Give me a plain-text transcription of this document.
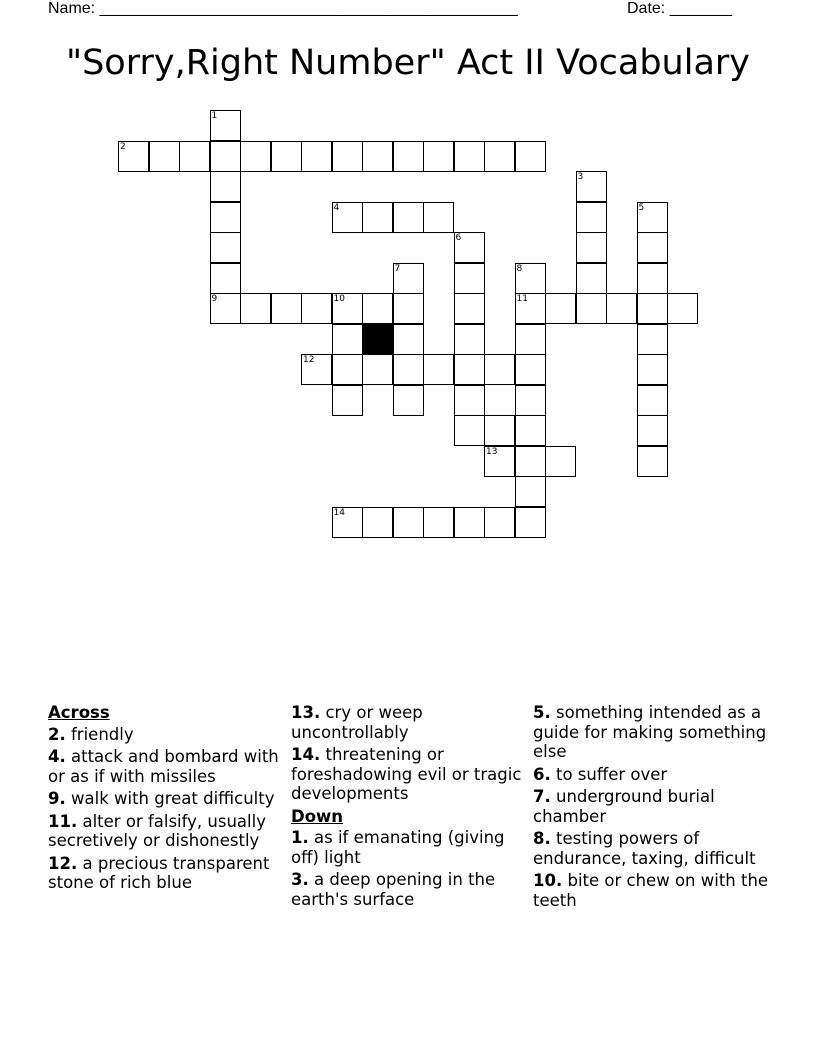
Name: _______________________________________________	Date: _______
"Sorry,Right Number" Act II Vocabulary
1
2
3
4	5
6
7	8
9	10	11
12
13
14
Across
2. friendly
4. attack and bombard with or as if with missiles
9. walk with great difficulty
11. alter or falsify, usually secretively or dishonestly
12. a precious transparent stone of rich blue
13. cry or weep uncontrollably
14. threatening or foreshadowing evil or tragic developments
Down
1. as if emanating (giving off) light
3. a deep opening in the earth's surface
5. something intended as a guide for making something else
6. to suffer over
7. underground burial chamber
8. testing powers of endurance, taxing, difficult
10. bite or chew on with the teeth
